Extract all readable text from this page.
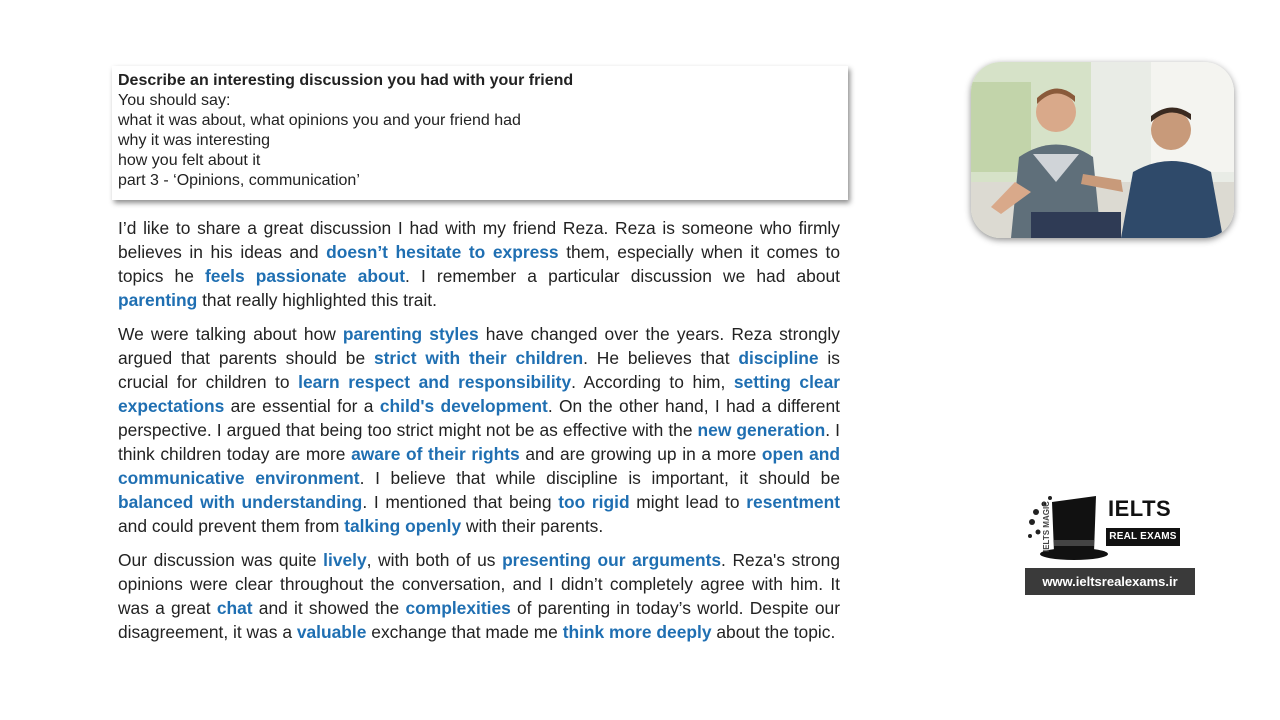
Describe an interesting discussion you had with your friend
You should say:
what it was about, what opinions you and your friend had
why it was interesting
how you felt about it
part 3 - ‘Opinions, communication’

I’d like to share a great discussion I had with my friend Reza. Reza is someone who firmly believes in his ideas and doesn’t hesitate to express them, especially when it comes to topics he feels passionate about. I remember a particular discussion we had about parenting that really highlighted this trait.

We were talking about how parenting styles have changed over the years. Reza strongly argued that parents should be strict with their children. He believes that discipline is crucial for children to learn respect and responsibility. According to him, setting clear expectations are essential for a child's development. On the other hand, I had a different perspective. I argued that being too strict might not be as effective with the new generation. I think children today are more aware of their rights and are growing up in a more open and communicative environment. I believe that while discipline is important, it should be balanced with understanding. I mentioned that being too rigid might lead to resentment and could prevent them from talking openly with their parents.

Our discussion was quite lively, with both of us presenting our arguments. Reza's strong opinions were clear throughout the conversation, and I didn’t completely agree with him. It was a great chat and it showed the complexities of parenting in today’s world. Despite our disagreement, it was a valuable exchange that made me think more deeply about the topic.

IELTS
REAL EXAMS
IELTS MAGIC
www.ieltsrealexams.ir
